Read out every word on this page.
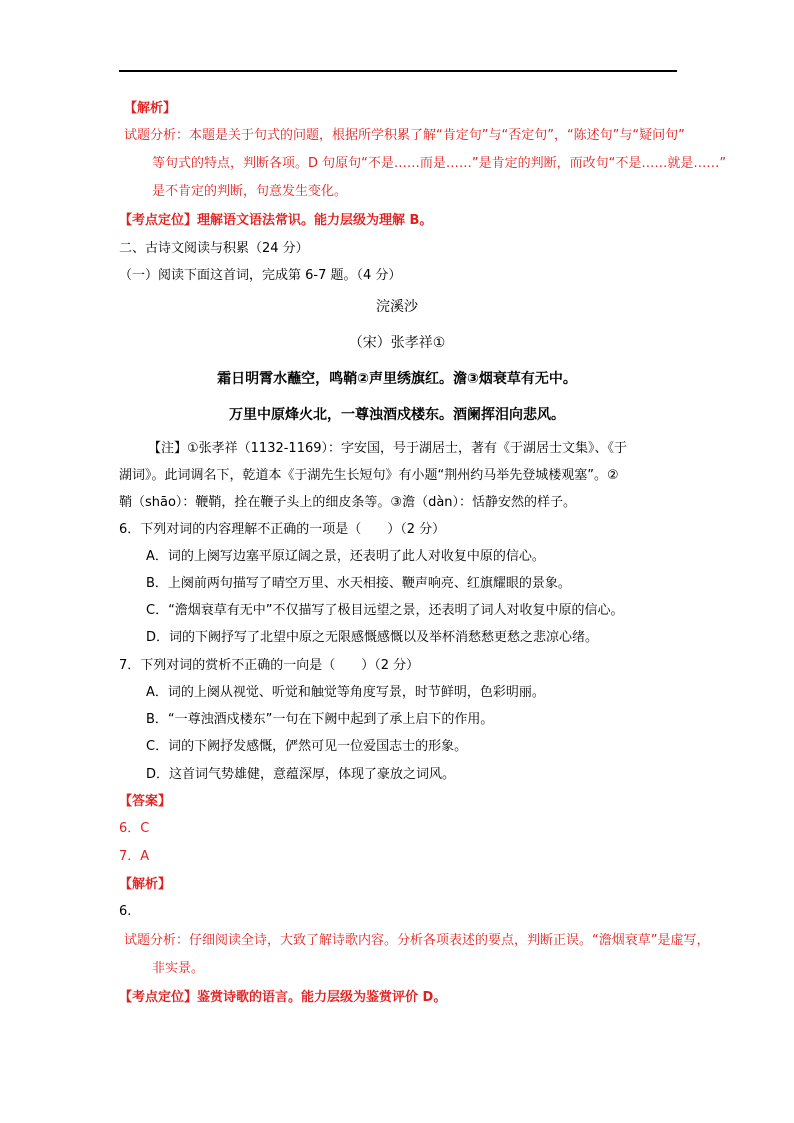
【解析】
试题分析：本题是关于句式的问题，根据所学积累了解“肯定句”与“否定句”，“陈述句”与“疑问句”
等句式的特点，判断各项。D 句原句“不是……而是……”是肯定的判断，而改句“不是……就是……”
是不肯定的判断，句意发生变化。
【考点定位】理解语文语法常识。能力层级为理解 B。
二、古诗文阅读与积累（24 分）
（一）阅读下面这首词，完成第 6-7 题。（4 分）
浣溪沙
（宋）张孝祥①
霜日明霄水蘸空，鸣鞘②声里绣旗红。澹③烟衰草有无中。
万里中原烽火北，一尊浊酒戍楼东。酒阑挥泪向悲风。
【注】①张孝祥（1132-1169）：字安国，号于湖居士，著有《于湖居士文集》、《于
湖词》。此词调名下，乾道本《于湖先生长短句》有小题“荆州约马举先登城楼观塞”。②
鞘（shāo）：鞭鞘，拴在鞭子头上的细皮条等。③澹（dàn）：恬静安然的样子。
6．下列对词的内容理解不正确的一项是（　　）（2 分）
A．词的上阕写边塞平原辽阔之景，还表明了此人对收复中原的信心。
B．上阕前两句描写了晴空万里、水天相接、鞭声响亮、红旗耀眼的景象。
C．“澹烟衰草有无中”不仅描写了极目远望之景，还表明了词人对收复中原的信心。
D．词的下阙抒写了北望中原之无限感慨感慨以及举杯消愁愁更愁之悲凉心绪。
7．下列对词的赏析不正确的一向是（　　）（2 分）
A．词的上阕从视觉、听觉和触觉等角度写景，时节鲜明，色彩明丽。
B．“一尊浊酒戍楼东”一句在下阙中起到了承上启下的作用。
C．词的下阙抒发感慨，俨然可见一位爱国志士的形象。
D．这首词气势雄健，意蕴深厚，体现了豪放之词风。
【答案】
6．C
7．A
【解析】
6.
试题分析：仔细阅读全诗，大致了解诗歌内容。分析各项表述的要点，判断正误。“澹烟衰草”是虚写，
非实景。
【考点定位】鉴赏诗歌的语言。能力层级为鉴赏评价 D。
